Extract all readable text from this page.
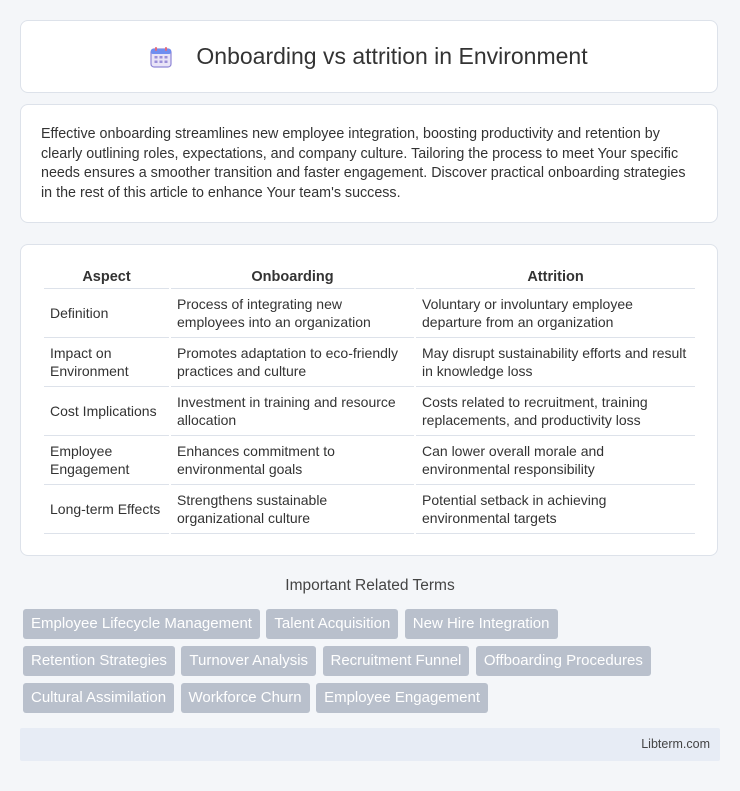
Onboarding vs attrition in Environment

Effective onboarding streamlines new employee integration, boosting productivity and retention by clearly outlining roles, expectations, and company culture. Tailoring the process to meet Your specific needs ensures a smoother transition and faster engagement. Discover practical onboarding strategies in the rest of this article to enhance Your team's success.

Aspect	Onboarding	Attrition
Definition	Process of integrating new employees into an organization	Voluntary or involuntary employee departure from an organization
Impact on Environment	Promotes adaptation to eco-friendly practices and culture	May disrupt sustainability efforts and result in knowledge loss
Cost Implications	Investment in training and resource allocation	Costs related to recruitment, training replacements, and productivity loss
Employee Engagement	Enhances commitment to environmental goals	Can lower overall morale and environmental responsibility
Long-term Effects	Strengthens sustainable organizational culture	Potential setback in achieving environmental targets
Important Related Terms
Employee Lifecycle Management Talent Acquisition New Hire Integration
Retention Strategies Turnover Analysis Recruitment Funnel Offboarding Procedures
Cultural Assimilation Workforce Churn Employee Engagement
Libterm.com
